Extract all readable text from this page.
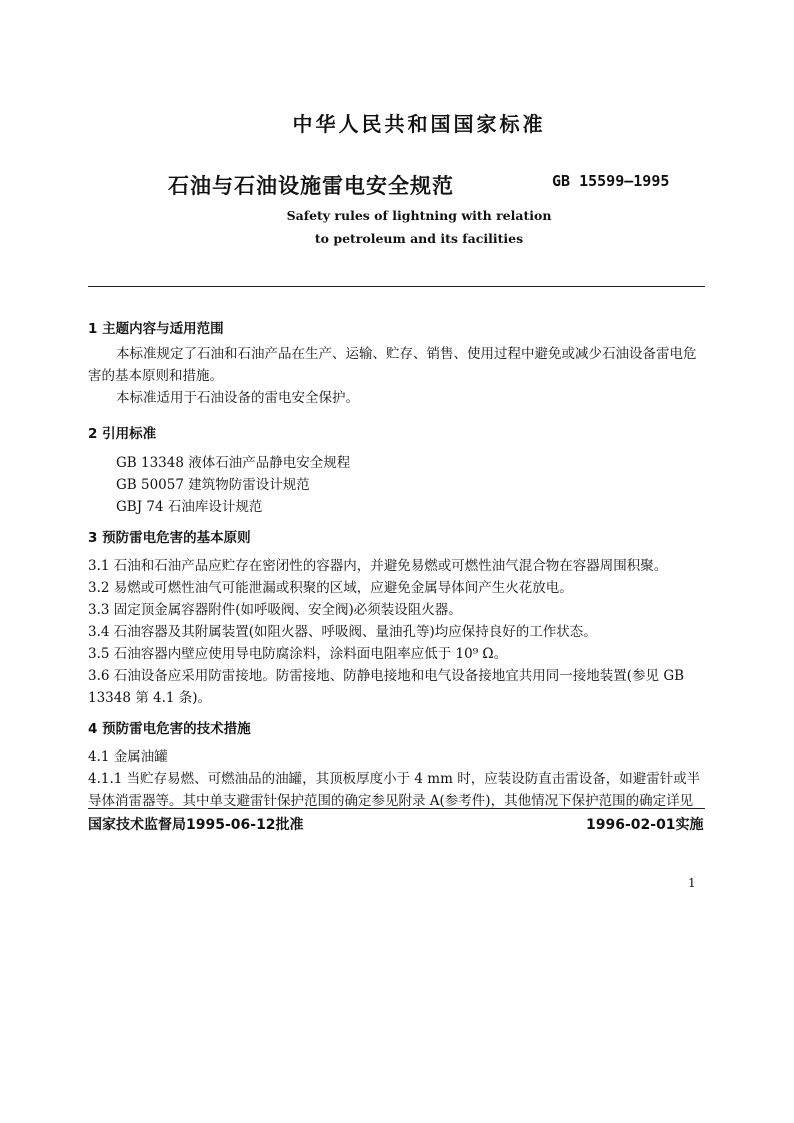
中华人民共和国国家标准
石油与石油设施雷电安全规范	GB 15599—1995
Safety rules of lightning with relation
to petroleum and its facilities
1 主题内容与适用范围
本标准规定了石油和石油产品在生产、运输、贮存、销售、使用过程中避免或减少石油设备雷电危害的基本原则和措施。
本标准适用于石油设备的雷电安全保护。
2 引用标准
GB 13348 液体石油产品静电安全规程
GB 50057 建筑物防雷设计规范
GBJ 74 石油库设计规范
3 预防雷电危害的基本原则
3.1 石油和石油产品应贮存在密闭性的容器内，并避免易燃或可燃性油气混合物在容器周围积聚。
3.2 易燃或可燃性油气可能泄漏或积聚的区域，应避免金属导体间产生火花放电。
3.3 固定顶金属容器附件(如呼吸阀、安全阀)必须装设阻火器。
3.4 石油容器及其附属装置(如阻火器、呼吸阀、量油孔等)均应保持良好的工作状态。
3.5 石油容器内壁应使用导电防腐涂料，涂料面电阻率应低于 10⁹ Ω。
3.6 石油设备应采用防雷接地。防雷接地、防静电接地和电气设备接地宜共用同一接地装置(参见 GB 13348 第 4.1 条)。
4 预防雷电危害的技术措施
4.1 金属油罐
4.1.1 当贮存易燃、可燃油品的油罐，其顶板厚度小于 4 mm 时，应装设防直击雷设备，如避雷针或半导体消雷器等。其中单支避雷针保护范围的确定参见附录 A(参考件)，其他情况下保护范围的确定详见
国家技术监督局1995-06-12批准	1996-02-01实施
1
